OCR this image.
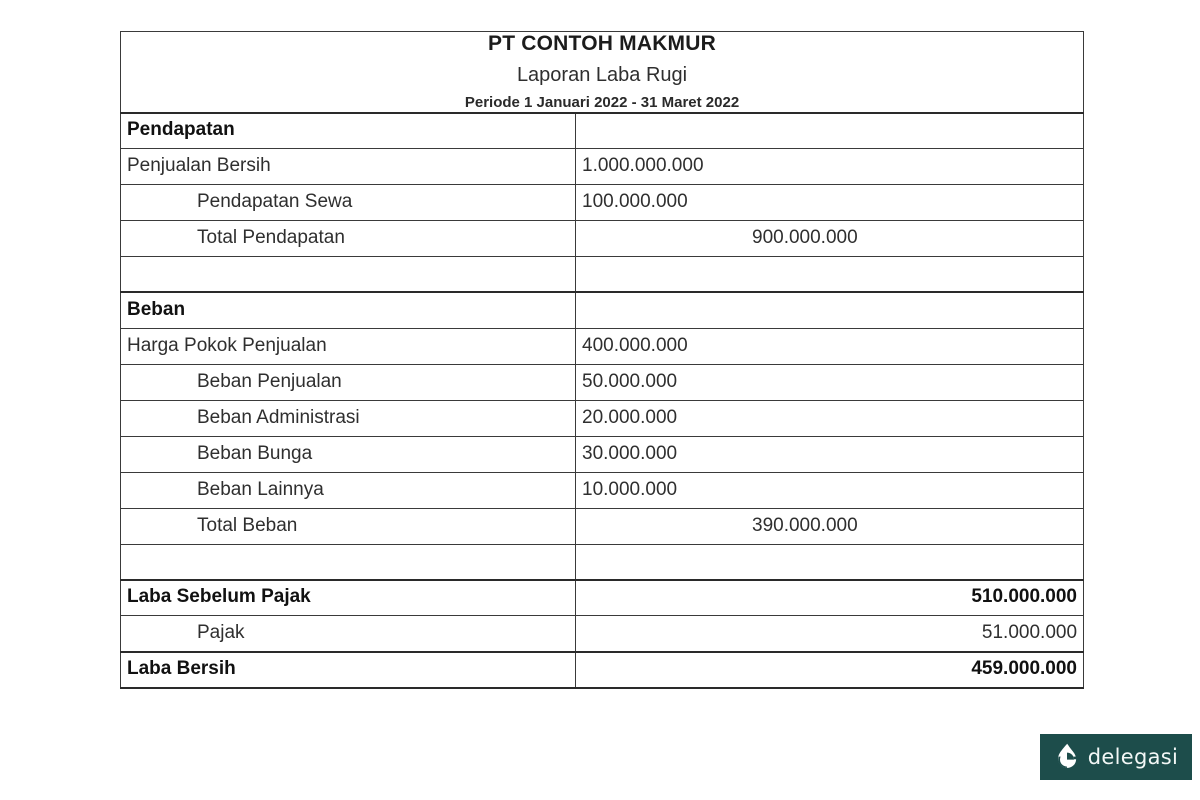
PT CONTOH MAKMUR
Laporan Laba Rugi
Periode 1 Januari 2022 - 31 Maret 2022	

Pendapatan	

Penjualan Bersih	1.000.000.000

Pendapatan Sewa	100.000.000

Total Pendapatan	900.000.000

Beban	

Harga Pokok Penjualan	400.000.000

Beban Penjualan	50.000.000

Beban Administrasi	20.000.000

Beban Bunga	30.000.000

Beban Lainnya	10.000.000

Total Beban	390.000.000

Laba Sebelum Pajak	510.000.000

Pajak	51.000.000

Laba Bersih	459.000.000
delegasi
